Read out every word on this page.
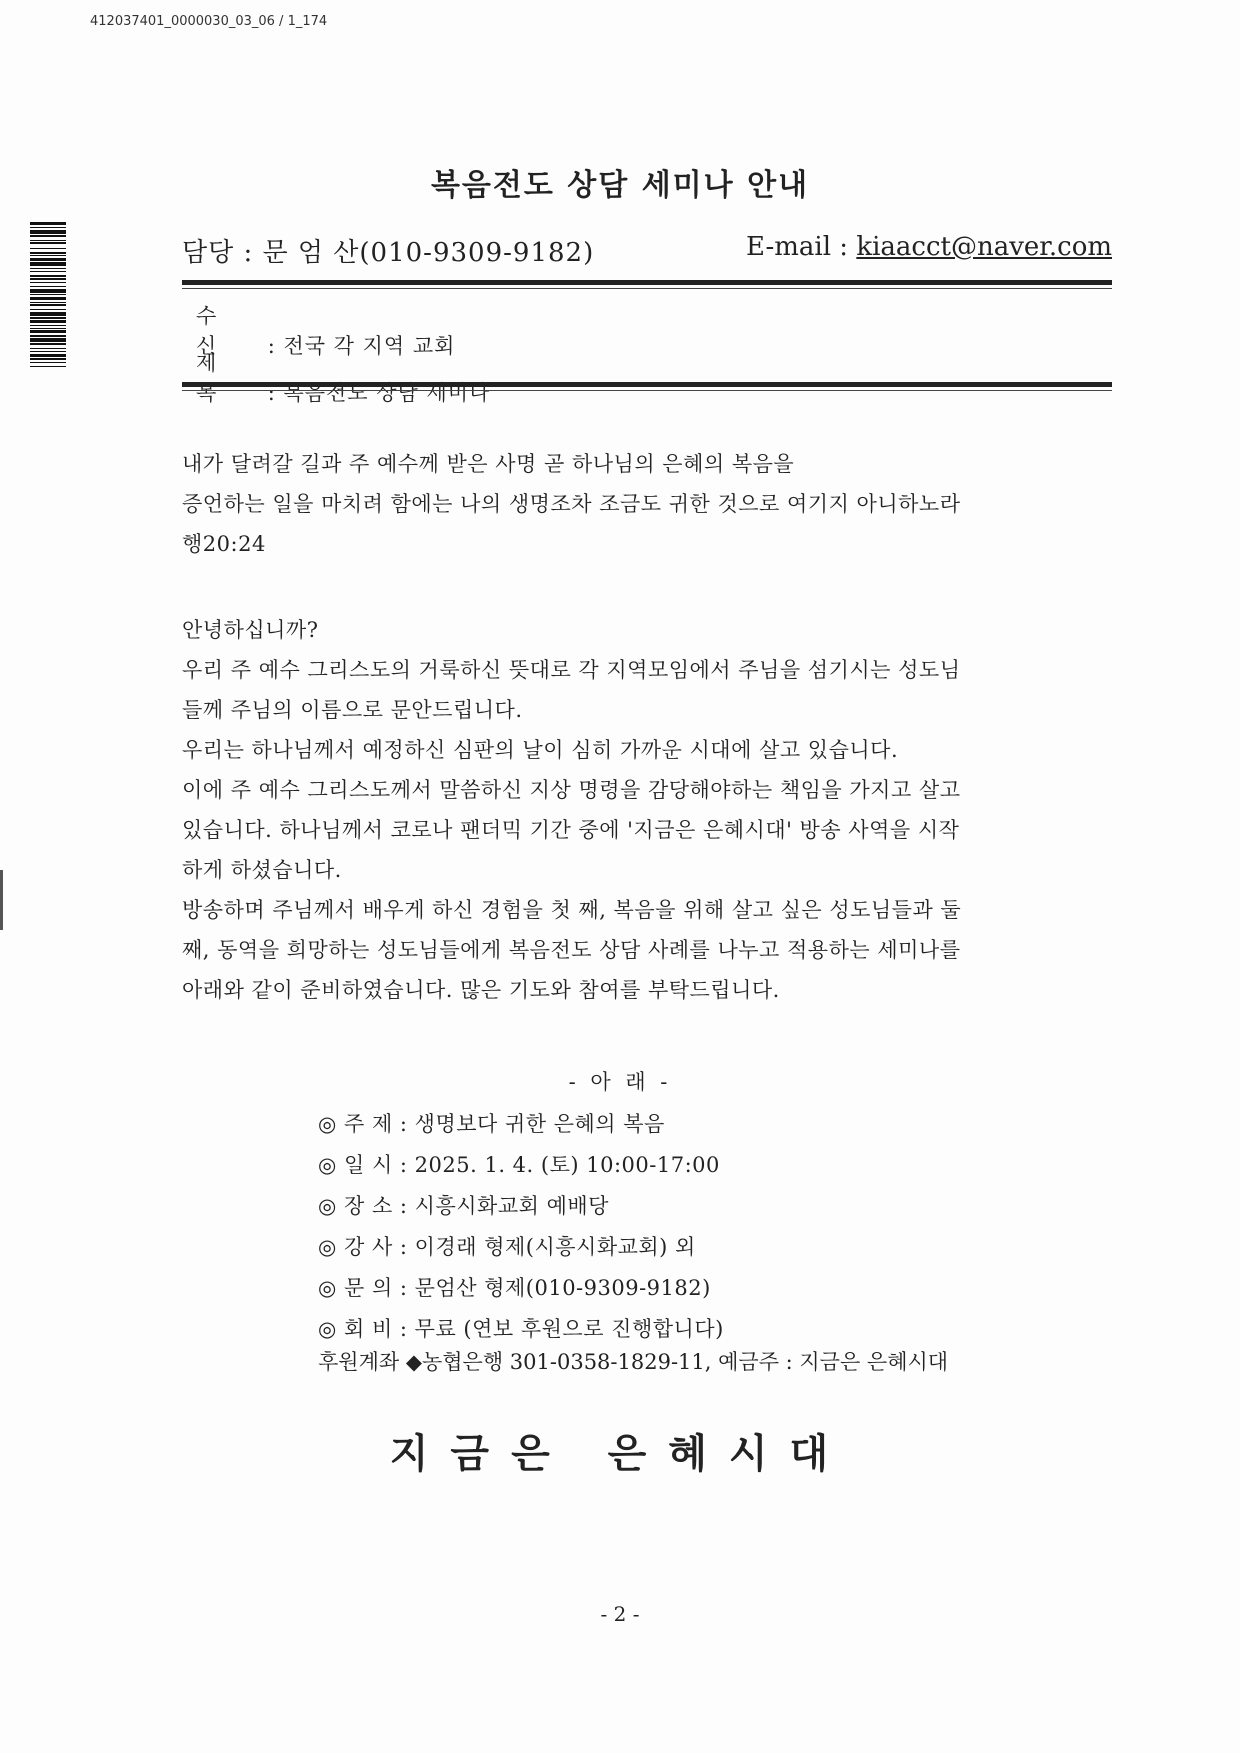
412037401_0000030_03_06 / 1_174
복음전도 상담 세미나 안내
담당 : 문 엄 산(010-9309-9182)	E-mail : kiaacct@naver.com
수신 : 전국 각 지역 교회
제목 : 복음전도 상담 세미나
내가 달려갈 길과 주 예수께 받은 사명 곧 하나님의 은혜의 복음을
증언하는 일을 마치려 함에는 나의 생명조차 조금도 귀한 것으로 여기지 아니하노라
행20:24
안녕하십니까?
우리 주 예수 그리스도의 거룩하신 뜻대로 각 지역모임에서 주님을 섬기시는 성도님
들께 주님의 이름으로 문안드립니다.
우리는 하나님께서 예정하신 심판의 날이 심히 가까운 시대에 살고 있습니다.
이에 주 예수 그리스도께서 말씀하신 지상 명령을 감당해야하는 책임을 가지고 살고
있습니다. 하나님께서 코로나 팬더믹 기간 중에 '지금은 은혜시대' 방송 사역을 시작
하게 하셨습니다.
방송하며 주님께서 배우게 하신 경험을 첫 째, 복음을 위해 살고 싶은 성도님들과 둘
째, 동역을 희망하는 성도님들에게 복음전도 상담 사례를 나누고 적용하는 세미나를
아래와 같이 준비하였습니다. 많은 기도와 참여를 부탁드립니다.
- 아 래 -
◎ 주 제 : 생명보다 귀한 은혜의 복음
◎ 일 시 : 2025. 1. 4. (토) 10:00-17:00
◎ 장 소 : 시흥시화교회 예배당
◎ 강 사 : 이경래 형제(시흥시화교회) 외
◎ 문 의 : 문엄산 형제(010-9309-9182)
◎ 회 비 : 무료 (연보 후원으로 진행합니다)
후원계좌 ◆농협은행 301-0358-1829-11, 예금주 : 지금은 은혜시대
지금은 은혜시대
- 2 -
